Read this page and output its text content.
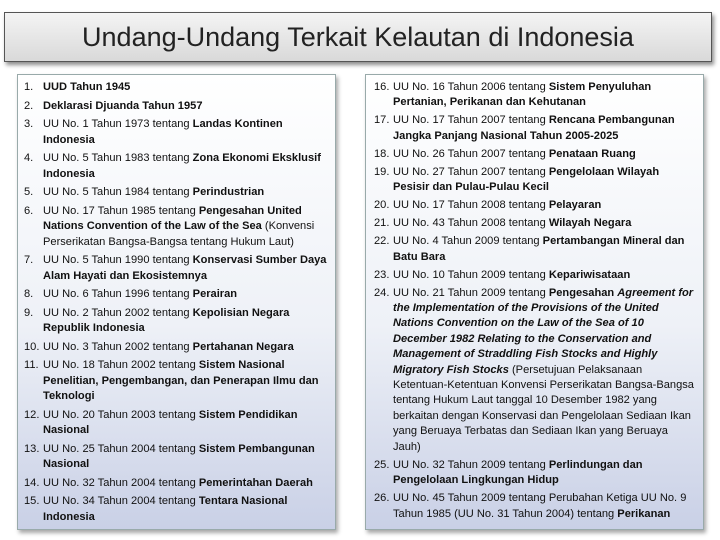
Undang-Undang Terkait Kelautan di Indonesia
1. UUD Tahun 1945
2. Deklarasi Djuanda Tahun 1957
3. UU No. 1 Tahun 1973 tentang Landas Kontinen Indonesia
4. UU No. 5 Tahun 1983 tentang Zona Ekonomi Eksklusif Indonesia
5. UU No. 5 Tahun 1984 tentang Perindustrian
6. UU No. 17 Tahun 1985 tentang Pengesahan United Nations Convention of the Law of the Sea (Konvensi Perserikatan Bangsa-Bangsa tentang Hukum Laut)
7. UU No. 5 Tahun 1990 tentang Konservasi Sumber Daya Alam Hayati dan Ekosistemnya
8. UU No. 6 Tahun 1996 tentang Perairan
9. UU No. 2 Tahun 2002 tentang Kepolisian Negara Republik Indonesia
10. UU No. 3 Tahun 2002 tentang Pertahanan Negara
11. UU No. 18 Tahun 2002 tentang Sistem Nasional Penelitian, Pengembangan, dan Penerapan Ilmu dan Teknologi
12. UU No. 20 Tahun 2003 tentang Sistem Pendidikan Nasional
13. UU No. 25 Tahun 2004 tentang Sistem Pembangunan Nasional
14. UU No. 32 Tahun 2004 tentang Pemerintahan Daerah
15. UU No. 34 Tahun 2004 tentang Tentara Nasional Indonesia
16. UU No. 16 Tahun 2006 tentang Sistem Penyuluhan Pertanian, Perikanan dan Kehutanan
17. UU No. 17 Tahun 2007 tentang Rencana Pembangunan Jangka Panjang Nasional Tahun 2005-2025
18. UU No. 26 Tahun 2007 tentang Penataan Ruang
19. UU No. 27 Tahun 2007 tentang Pengelolaan Wilayah Pesisir dan Pulau-Pulau Kecil
20. UU No. 17 Tahun 2008 tentang Pelayaran
21. UU No. 43 Tahun 2008 tentang Wilayah Negara
22. UU No. 4 Tahun 2009 tentang Pertambangan Mineral dan Batu Bara
23. UU No. 10 Tahun 2009 tentang Kepariwisataan
24. UU No. 21 Tahun 2009 tentang Pengesahan Agreement for the Implementation of the Provisions of the United Nations Convention on the Law of the Sea of 10 December 1982 Relating to the Conservation and Management of Straddling Fish Stocks and Highly Migratory Fish Stocks (Persetujuan Pelaksanaan Ketentuan-Ketentuan Konvensi Perserikatan Bangsa-Bangsa tentang Hukum Laut tanggal 10 Desember 1982 yang berkaitan dengan Konservasi dan Pengelolaan Sediaan Ikan yang Beruaya Terbatas dan Sediaan Ikan yang Beruaya Jauh)
25. UU No. 32 Tahun 2009 tentang Perlindungan dan Pengelolaan Lingkungan Hidup
26. UU No. 45 Tahun 2009 tentang Perubahan Ketiga UU No. 9 Tahun 1985 (UU No. 31 Tahun 2004) tentang Perikanan
